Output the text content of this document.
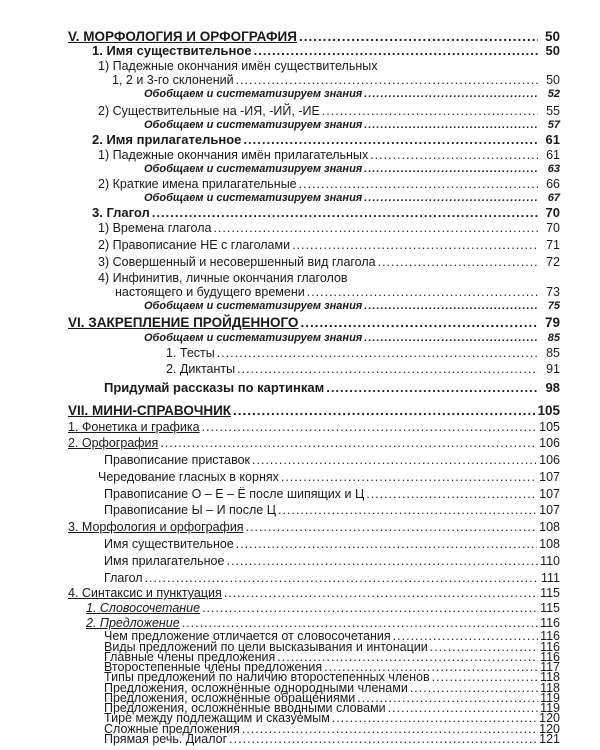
V. МОРФОЛОГИЯ И ОРФОГРАФИЯ .....	50
1. Имя существительное .....	50
1) Падежные окончания имён существительных
1, 2 и 3-го склонений .....	50
Обобщаем и систематизируем знания .....	52
2) Существительные на -ИЯ, -ИЙ, -ИЕ .....	55
Обобщаем и систематизируем знания .....	57
2. Имя прилагательное .....	61
1) Падежные окончания имён прилагательных .....	61
Обобщаем и систематизируем знания .....	63
2) Краткие имена прилагательные .....	66
Обобщаем и систематизируем знания .....	67
3. Глагол .....	70
1) Времена глагола .....	70
2) Правописание НЕ с глаголами .....	71
3) Совершенный и несовершенный вид глагола .....	72
4) Инфинитив, личные окончания глаголов
настоящего и будущего времени .....	73
Обобщаем и систематизируем знания .....	75
VI. ЗАКРЕПЛЕНИЕ ПРОЙДЕННОГО .....	79
Обобщаем и систематизируем знания .....	85
1. Тесты .....	85
2. Диктанты .....	91
Придумай рассказы по картинкам .....	98
VII. МИНИ-СПРАВОЧНИК .....	105
1. Фонетика и графика .....	105
2. Орфография .....	106
Правописание приставок .....	106
Чередование гласных в корнях .....	107
Правописание О – Е – Ё после шипящих и Ц .....	107
Правописание Ы – И после Ц .....	107
3. Морфология и орфография .....	108
Имя существительное .....	108
Имя прилагательное .....	110
Глагол .....	111
4. Синтаксис и пунктуация .....	115
1. Словосочетание .....	115
2. Предложение .....	116
Чем предложение отличается от словосочетания .....	116
Виды предложений по цели высказывания и интонации .....	116
Главные члены предложения .....	116
Второстепенные члены предложения .....	117
Типы предложений по наличию второстепенных членов .....	118
Предложения, осложнённые однородными членами .....	118
Предложения, осложнённые обращениями .....	119
Предложения, осложнённые вводными словами .....	119
Тире между подлежащим и сказуемым .....	120
Сложные предложения .....	120
Прямая речь. Диалог .....	121
